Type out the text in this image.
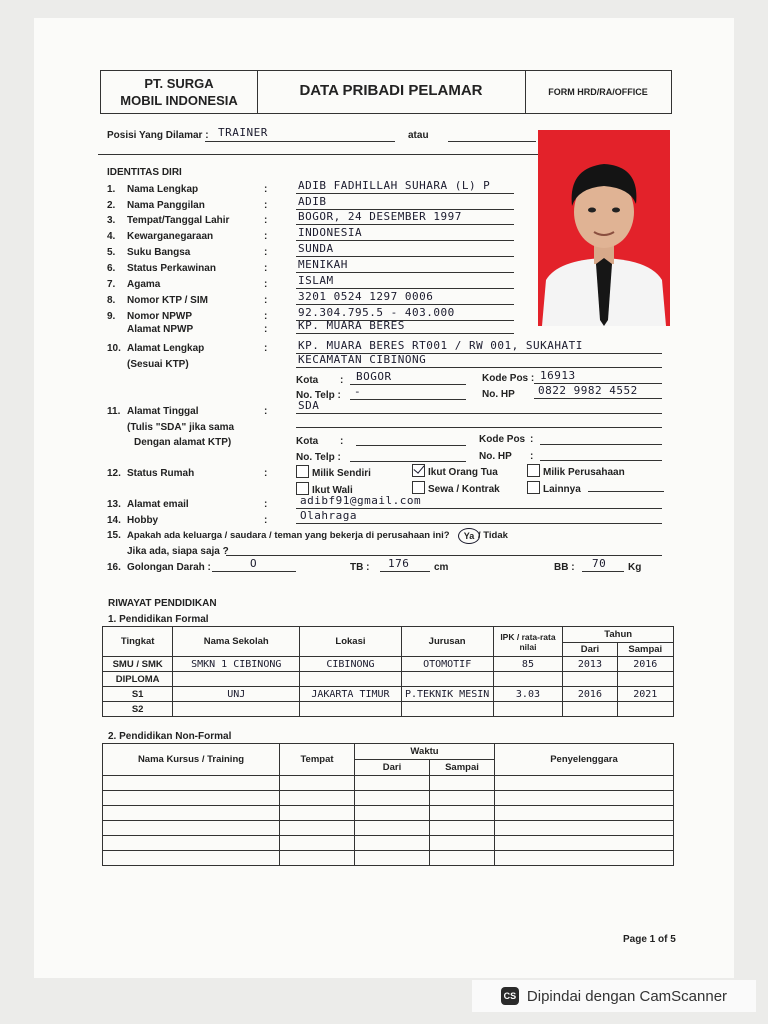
PT. SURGA
MOBIL INDONESIA
DATA PRIBADI PELAMAR	FORM HRD/RA/OFFICE
Posisi Yang Dilamar : TRAINER	atau
IDENTITAS DIRI
1. Nama Lengkap	:	ADIB FADHILLAH SUHARA (L) P
2. Nama Panggilan	:	ADIB
3. Tempat/Tanggal Lahir	:	BOGOR, 24 DESEMBER 1997
4. Kewarganegaraan	:	INDONESIA
5. Suku Bangsa	:	SUNDA
6. Status Perkawinan	:	MENIKAH
7. Agama	:	ISLAM
8. Nomor KTP / SIM	:	3201 0524 1297 0006
9. Nomor NPWP	:	92.304.795.5 - 403.000
Alamat NPWP	:	KP. MUARA BERES
10. Alamat Lengkap
(Sesuai KTP)
:	KP. MUARA BERES RT001 / RW 001, SUKAHATI
KECAMATAN CIBINONG
Kota : BOGOR	Kode Pos : 16913
No. Telp : -	No. HP 0822 9982 4552
11. Alamat Tinggal
(Tulis "SDA" jika sama
Dengan alamat KTP)
:	SDA
Kota :	Kode Pos :
No. Telp :	No. HP :
12. Status Rumah	:	Milik Sendiri	Ikut Orang Tua	Milik Perusahaan
Ikut Wali	Sewa / Kontrak	Lainnya
13. Alamat email	:	adibf91@gmail.com
14. Hobby	:	Olahraga
15. Apakah ada keluarga / saudara / teman yang bekerja di perusahaan ini?	Ya / Tidak
Jika ada, siapa saja ?
16. Golongan Darah :	O	TB : 176 cm	BB : 70 Kg
RIWAYAT PENDIDIKAN
1. Pendidikan Formal
Tingkat	Nama Sekolah	Lokasi	Jurusan	IPK / rata-rata nilai	Tahun	
					Dari	Sampai
SMU / SMK	SMKN 1 CIBINONG	CIBINONG	OTOMOTIF	85	2013	2016
DIPLOMA						
S1	UNJ	JAKARTA TIMUR	P.TEKNIK MESIN	3.03	2016	2021
S2						
2. Pendidikan Non-Formal
Nama Kursus / Training	Tempat	Waktu		Penyelenggara
		Dari	Sampai	

Page 1 of 5
CS Dipindai dengan CamScanner
